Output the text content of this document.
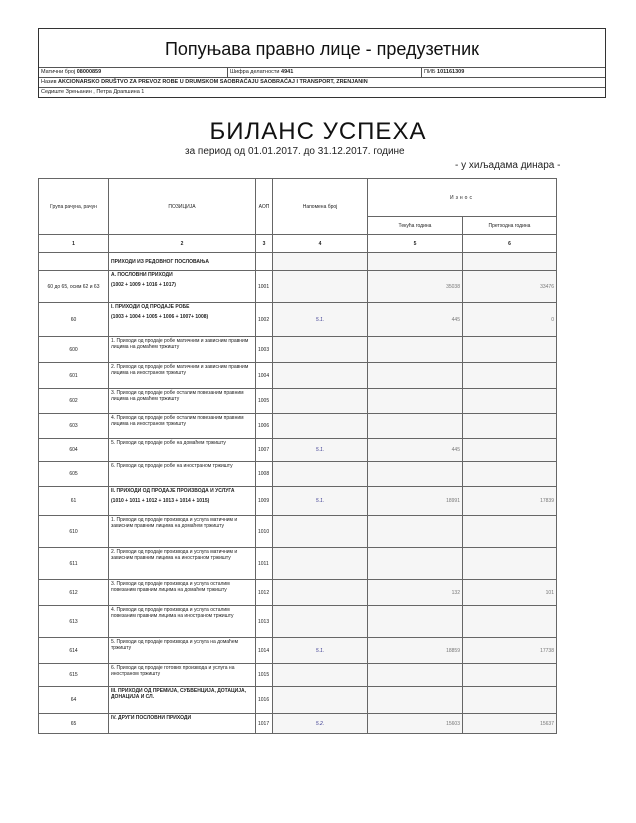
Попуњава правно лице - предузетник
Матични број 08000859	Шифра делатности 4941	ПИБ 101161309
Назив AKCIONARSKO DRUŠTVO ZA PREVOZ ROBE U DRUMSKOM SAOBRAĆAJU SAOBRAĆAJ I TRANSPORT, ZRENJANIN
Седиште Зрењанин , Петра Драпшина 1
БИЛАНС УСПЕХА
за период од 01.01.2017. до 31.12.2017. године
- у хиљадама динара -
Група рачуна, рачун	ПОЗИЦИЈА	АОП	Напомена број	Износ	
				Текућа година	Претходна година
1	2	3	4	5	6
	ПРИХОДИ ИЗ РЕДОВНОГ ПОСЛОВАЊА				
60 до 65, осим 62 и 63	А. ПОСЛОВНИ ПРИХОДИ
(1002 + 1009 + 1016 + 1017)	1001		35038	33476
60	I. ПРИХОДИ ОД ПРОДАЈЕ РОБЕ
(1003 + 1004 + 1005 + 1006 + 1007+ 1008)	1002	5.1.	445	0
600	1. Приходи од продаје робе матичним и зависним правним лицима на домаћем тржишту	1003			
601	2. Приходи од продаје робе матичним и зависним правним лицима на иностраном тржишту	1004			
602	3. Приходи од продаје робе осталим повезаним правним лицима на домаћем тржишту	1005			
603	4. Приходи од продаје робе осталим повезаним правним лицима на иностраном тржишту	1006			
604	5. Приходи од продаје робе на домаћем тржишту	1007	5.1.	445	
605	6. Приходи од продаје робе на иностраном тржишту	1008			
61	II. ПРИХОДИ ОД ПРОДАЈЕ ПРОИЗВОДА И УСЛУГА
(1010 + 1011 + 1012 + 1013 + 1014 + 1015)	1009	5.1.	18991	17839
610	1. Приходи од продаје производа и услуга матичним и зависним правним лицима на домаћем тржишту	1010			
611	2. Приходи од продаје производа и услуга матичним и зависним правним лицима на иностраном тржишту	1011			
612	3. Приходи од продаје производа и услуга осталим повезаним правним лицима на домаћем тржишту	1012		132	101
613	4. Приходи од продаје производа и услуга осталим повезаним правним лицима на иностраном тржишту	1013			
614	5. Приходи од продаје производа и услуга на домаћем тржишту	1014	5.1.	18859	17738
615	6. Приходи од продаје готових производа и услуга на иностраном тржишту	1015			
64	III. ПРИХОДИ ОД ПРЕМИЈА, СУБВЕНЦИЈА, ДОТАЦИЈА, ДОНАЦИЈА И СЛ.	1016			
65	IV. ДРУГИ ПОСЛОВНИ ПРИХОДИ	1017	5.2.	15603	15637
